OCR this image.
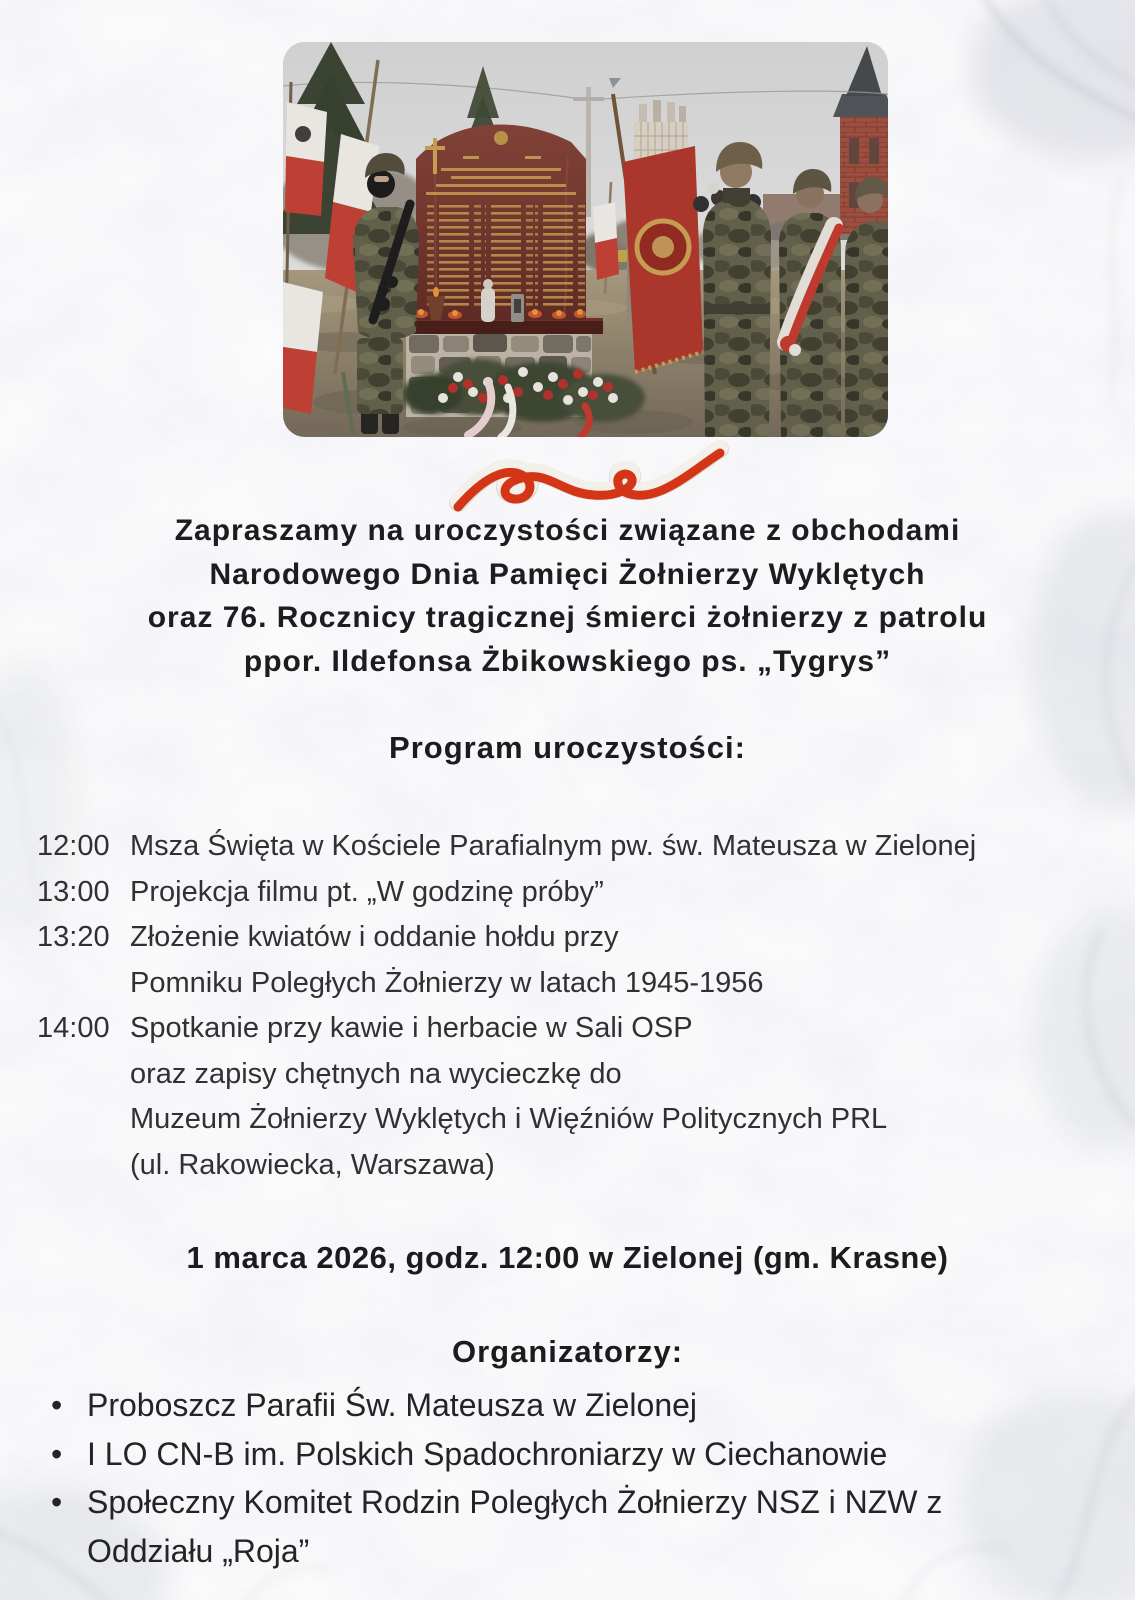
Zapraszamy na uroczystości związane z obchodami
Narodowego Dnia Pamięci Żołnierzy Wyklętych
oraz 76. Rocznicy tragicznej śmierci żołnierzy z patrolu
ppor. Ildefonsa Żbikowskiego ps. „Tygrys”
Program uroczystości:
12:00 Msza Święta w Kościele Parafialnym pw. św. Mateusza w Zielonej
13:00 Projekcja filmu pt. „W godzinę próby”
13:20 Złożenie kwiatów i oddanie hołdu przy
Pomniku Poległych Żołnierzy w latach 1945-1956
14:00 Spotkanie przy kawie i herbacie w Sali OSP
oraz zapisy chętnych na wycieczkę do
Muzeum Żołnierzy Wyklętych i Więźniów Politycznych PRL
(ul. Rakowiecka, Warszawa)
1 marca 2026, godz. 12:00 w Zielonej (gm. Krasne)
Organizatorzy:
• Proboszcz Parafii Św. Mateusza w Zielonej
• I LO CN-B im. Polskich Spadochroniarzy w Ciechanowie
• Społeczny Komitet Rodzin Poległych Żołnierzy NSZ i NZW z Oddziału „Roja”
